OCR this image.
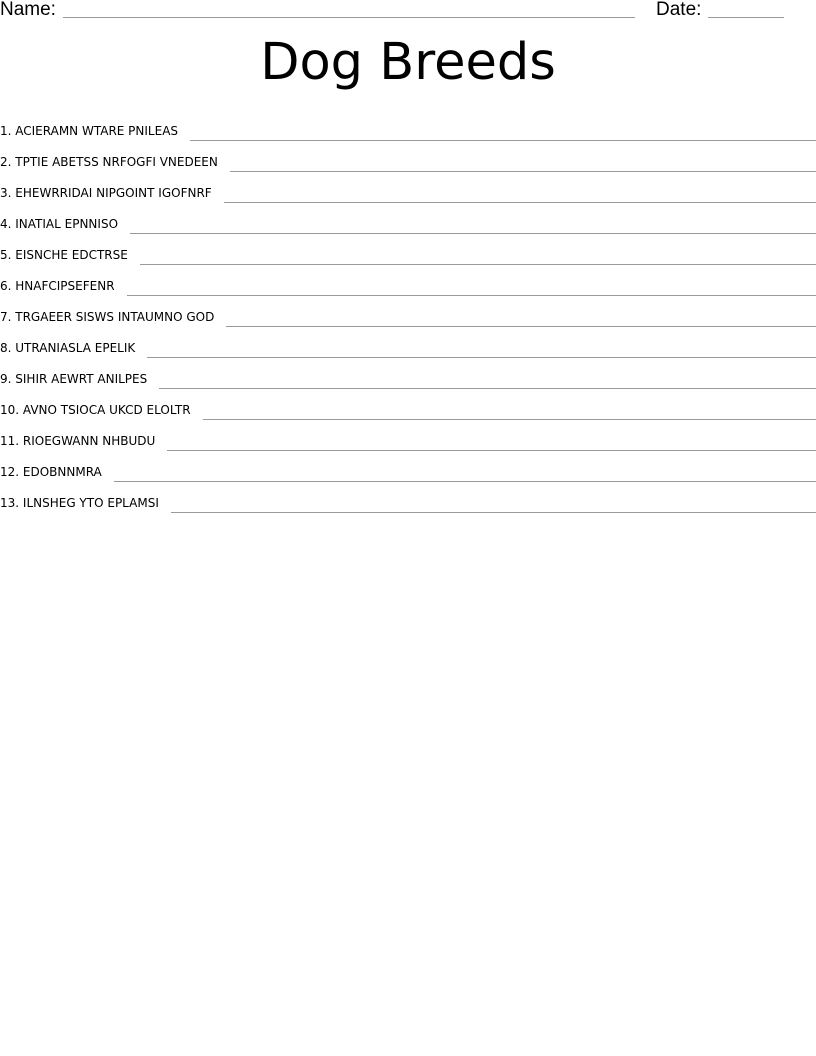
Name:	Date:
Dog Breeds
1. ACIERAMN WTARE PNILEAS
2. TPTIE ABETSS NRFOGFI VNEDEEN
3. EHEWRRIDAI NIPGOINT IGOFNRF
4. INATIAL EPNNISO
5. EISNCHE EDCTRSE
6. HNAFCIPSEFENR
7. TRGAEER SISWS INTAUMNO GOD
8. UTRANIASLA EPELIK
9. SIHIR AEWRT ANILPES
10. AVNO TSIOCA UKCD ELOLTR
11. RIOEGWANN NHBUDU
12. EDOBNNMRA
13. ILNSHEG YTO EPLAMSI
